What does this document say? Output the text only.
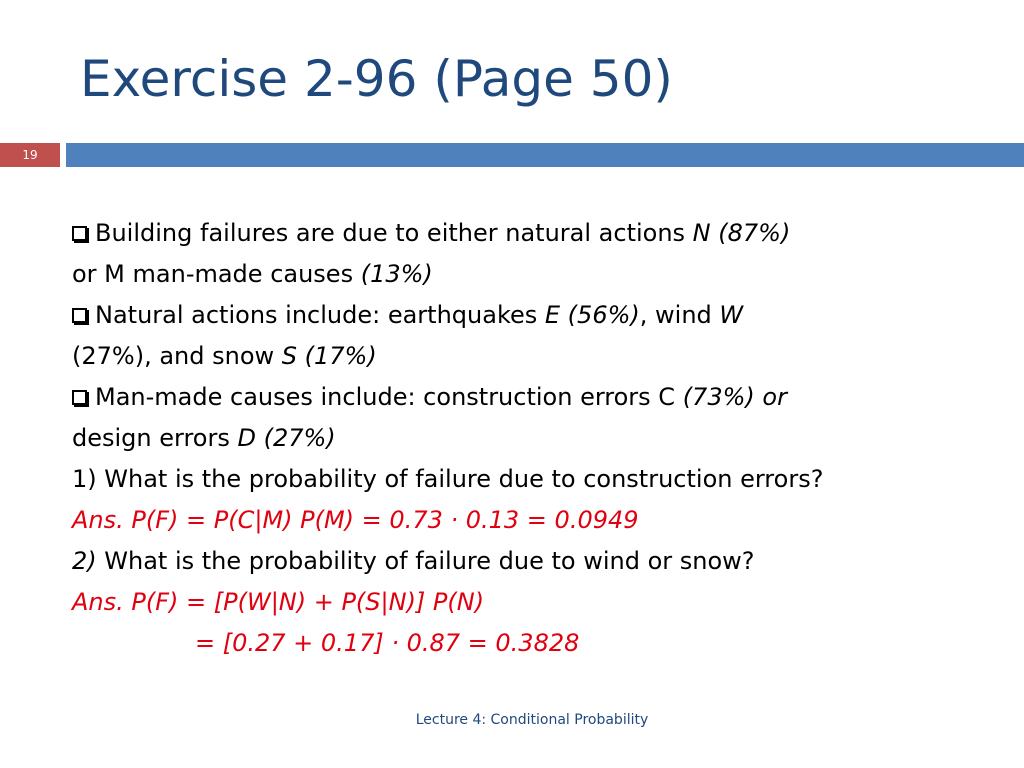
Exercise 2-96 (Page 50)
19
Building failures are due to either natural actions N (87%)
or M man-made causes (13%)
Natural actions include: earthquakes E (56%), wind W
(27%), and snow S (17%)
Man-made causes include: construction errors C (73%) or
design errors D (27%)
1) What is the probability of failure due to construction errors?
Ans. P(F) = P(C|M) P(M) = 0.73 · 0.13 = 0.0949
2) What is the probability of failure due to wind or snow?
Ans. P(F) = [P(W|N) + P(S|N)] P(N)
= [0.27 + 0.17] · 0.87 = 0.3828
Lecture 4: Conditional Probability
